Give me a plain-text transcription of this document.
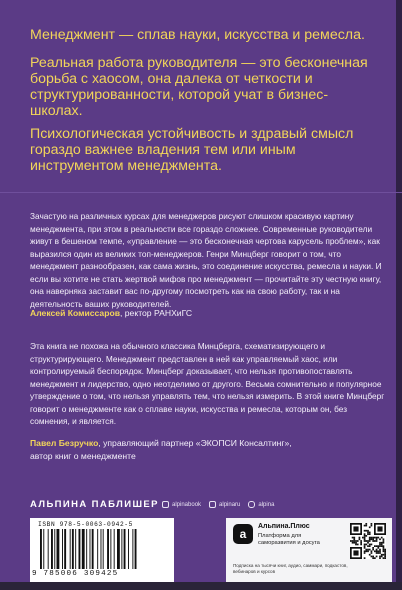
Менеджмент — сплав науки, искусства и ремесла.
Реальная работа руководителя — это бесконечная борьба с хаосом, она далека от четкости и структурированности, которой учат в бизнес-школах.
Психологическая устойчивость и здравый смысл гораздо важнее владения тем или иным инструментом менеджмента.
Зачастую на различных курсах для менеджеров рисуют слишком красивую картину менеджмента, при этом в реальности все гораздо сложнее. Современные руководители живут в бешеном темпе, «управление — это бесконечная чертова карусель проблем», как выразился один из великих топ-менеджеров. Генри Минцберг говорит о том, что менеджмент разнообразен, как сама жизнь, это соединение искусства, ремесла и науки. И если вы хотите не стать жертвой мифов про менеджмент — прочитайте эту честную книгу, она наверняка заставит вас по-другому посмотреть как на свою работу, так и на деятельность ваших руководителей.
Алексей Комиссаров, ректор РАНХиГС
Эта книга не похожа на обычного классика Минцберга, схематизирующего и структурирующего. Менеджмент представлен в ней как управляемый хаос, или контролируемый беспорядок. Минцберг доказывает, что нельзя противопоставлять менеджмент и лидерство, одно неотделимо от другого. Весьма сомнительно и популярное утверждение о том, что нельзя управлять тем, что нельзя измерить. В этой книге Минцберг говорит о менеджменте как о сплаве науки, искусства и ремесла, которым он, без сомнения, и является.
Павел Безручко, управляющий партнер «ЭКОПСИ Консалтинг»,
автор книг о менеджменте
АЛЬПИНА ПАБЛИШЕР alpinabook	alpinaru	alpina
ISBN 978-5-0063-0942-5
9 785006 309425
a
Альпина.Плюс
Платформа для саморазвития и досуга
Подписка на тысячи книг, аудио, саммари, подкастов, вебинаров и курсов
